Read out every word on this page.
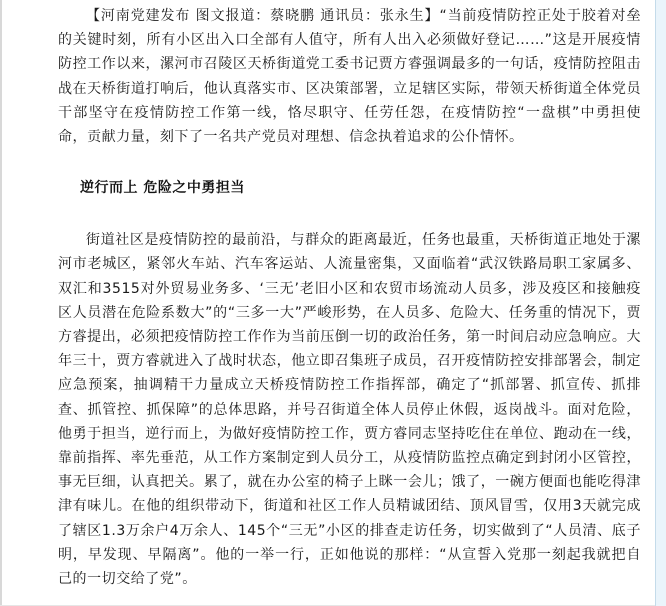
【河南党建发布 图文报道：蔡晓鹏 通讯员：张永生】“当前疫情防控正处于胶着对垒的关键时刻，所有小区出入口全部有人值守，所有人出入必须做好登记……”这是开展疫情防控工作以来，漯河市召陵区天桥街道党工委书记贾方睿强调最多的一句话，疫情防控阻击战在天桥街道打响后，他认真落实市、区决策部署，立足辖区实际，带领天桥街道全体党员干部坚守在疫情防控工作第一线，恪尽职守、任劳任怨，在疫情防控“一盘棋”中勇担使命，贡献力量，刻下了一名共产党员对理想、信念执着追求的公仆情怀。

逆行而上 危险之中勇担当

街道社区是疫情防控的最前沿，与群众的距离最近，任务也最重，天桥街道正地处于漯河市老城区，紧邻火车站、汽车客运站、人流量密集，又面临着“武汉铁路局职工家属多、双汇和3515对外贸易业务多、‘三无’老旧小区和农贸市场流动人员多，涉及疫区和接触疫区人员潜在危险系数大”的“三多一大”严峻形势，在人员多、危险大、任务重的情况下，贾方睿提出，必须把疫情防控工作作为当前压倒一切的政治任务，第一时间启动应急响应。大年三十，贾方睿就进入了战时状态，他立即召集班子成员，召开疫情防控安排部署会，制定应急预案，抽调精干力量成立天桥疫情防控工作指挥部，确定了“抓部署、抓宣传、抓排查、抓管控、抓保障”的总体思路，并号召街道全体人员停止休假，返岗战斗。面对危险，他勇于担当，逆行而上，为做好疫情防控工作，贾方睿同志坚持吃住在单位、跑动在一线，靠前指挥、率先垂范，从工作方案制定到人员分工，从疫情防监控点确定到封闭小区管控，事无巨细，认真把关。累了，就在办公室的椅子上眯一会儿；饿了，一碗方便面也能吃得津津有味儿。在他的组织带动下，街道和社区工作人员精诚团结、顶风冒雪，仅用3天就完成了辖区1.3万余户4万余人、145个“三无”小区的排查走访任务，切实做到了“人员清、底子明，早发现、早隔离”。他的一举一行，正如他说的那样：“从宣誓入党那一刻起我就把自己的一切交给了党”。
